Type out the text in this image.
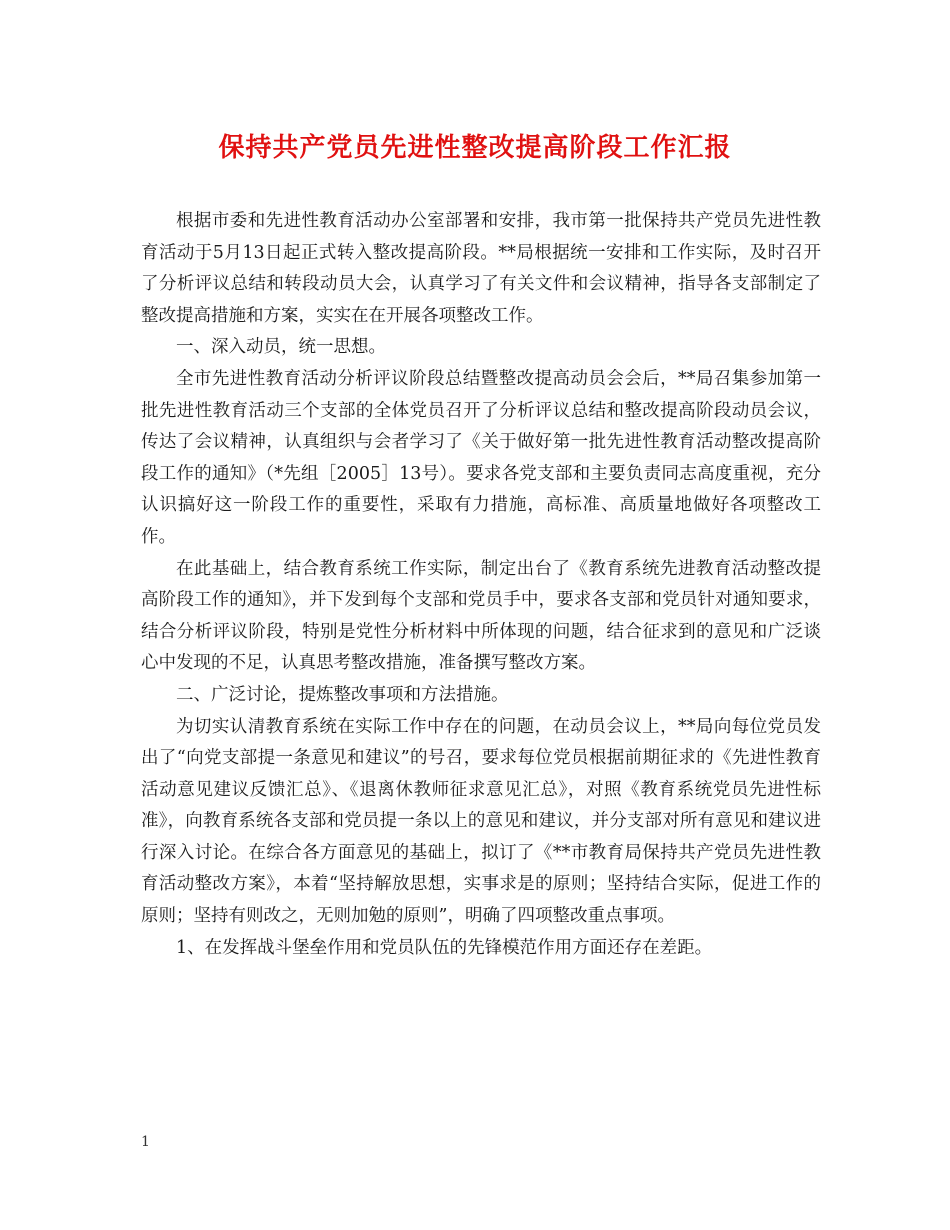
保持共产党员先进性整改提高阶段工作汇报

根据市委和先进性教育活动办公室部署和安排，我市第一批保持共产党员先进性教育活动于5月13日起正式转入整改提高阶段。**局根据统一安排和工作实际，及时召开了分析评议总结和转段动员大会，认真学习了有关文件和会议精神，指导各支部制定了整改提高措施和方案，实实在在开展各项整改工作。

一、深入动员，统一思想。

全市先进性教育活动分析评议阶段总结暨整改提高动员会会后，**局召集参加第一批先进性教育活动三个支部的全体党员召开了分析评议总结和整改提高阶段动员会议，传达了会议精神，认真组织与会者学习了《关于做好第一批先进性教育活动整改提高阶段工作的通知》（*先组［2005］13号）。要求各党支部和主要负责同志高度重视，充分认识搞好这一阶段工作的重要性，采取有力措施，高标准、高质量地做好各项整改工作。

在此基础上，结合教育系统工作实际，制定出台了《教育系统先进教育活动整改提高阶段工作的通知》，并下发到每个支部和党员手中，要求各支部和党员针对通知要求，结合分析评议阶段，特别是党性分析材料中所体现的问题，结合征求到的意见和广泛谈心中发现的不足，认真思考整改措施，准备撰写整改方案。

二、广泛讨论，提炼整改事项和方法措施。

为切实认清教育系统在实际工作中存在的问题，在动员会议上，**局向每位党员发出了“向党支部提一条意见和建议”的号召，要求每位党员根据前期征求的《先进性教育活动意见建议反馈汇总》、《退离休教师征求意见汇总》，对照《教育系统党员先进性标准》，向教育系统各支部和党员提一条以上的意见和建议，并分支部对所有意见和建议进行深入讨论。在综合各方面意见的基础上，拟订了《**市教育局保持共产党员先进性教育活动整改方案》，本着“坚持解放思想，实事求是的原则；坚持结合实际，促进工作的原则；坚持有则改之，无则加勉的原则”，明确了四项整改重点事项。

1、在发挥战斗堡垒作用和党员队伍的先锋模范作用方面还存在差距。

1
